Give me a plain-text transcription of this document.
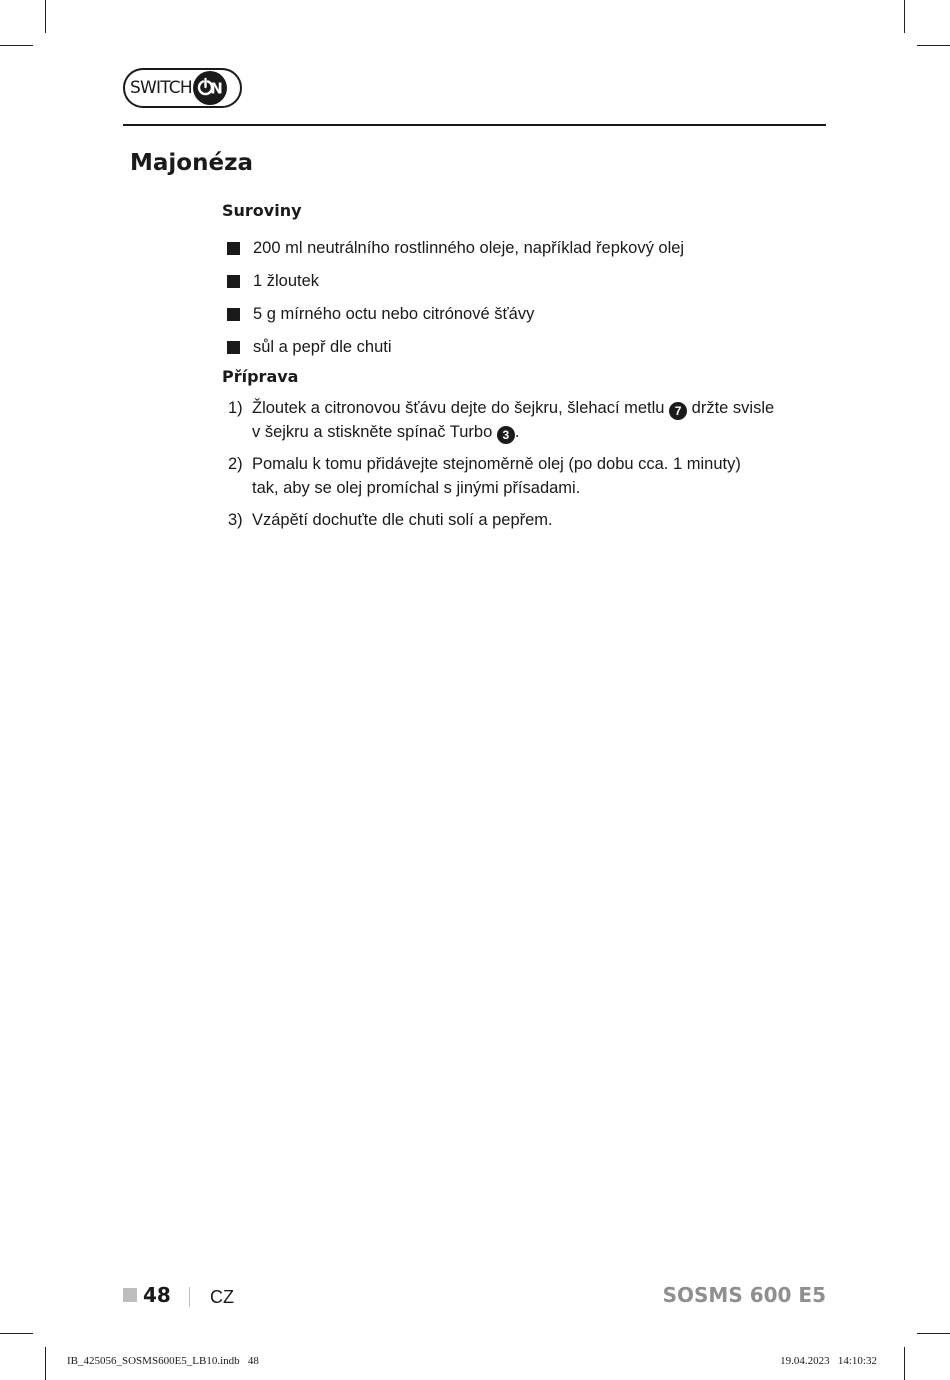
SWITCH N
Majonéza
Suroviny
200 ml neutrálního rostlinného oleje, například řepkový olej
1 žloutek
5 g mírného octu nebo citrónové šťávy
sůl a pepř dle chuti
Příprava
1) Žloutek a citronovou šťávu dejte do šejkru, šlehací metlu 7 držte svisle
v šejkru a stiskněte spínač Turbo 3 .
2) Pomalu k tomu přidávejte stejnoměrně olej (po dobu cca. 1 minuty)
tak, aby se olej promíchal s jinými přísadami.
3) Vzápětí dochuťte dle chuti solí a pepřem.
48 CZ	SOSMS 600 E5
IB_425056_SOSMS600E5_LB10.indb   48	19.04.2023   14:10:32
